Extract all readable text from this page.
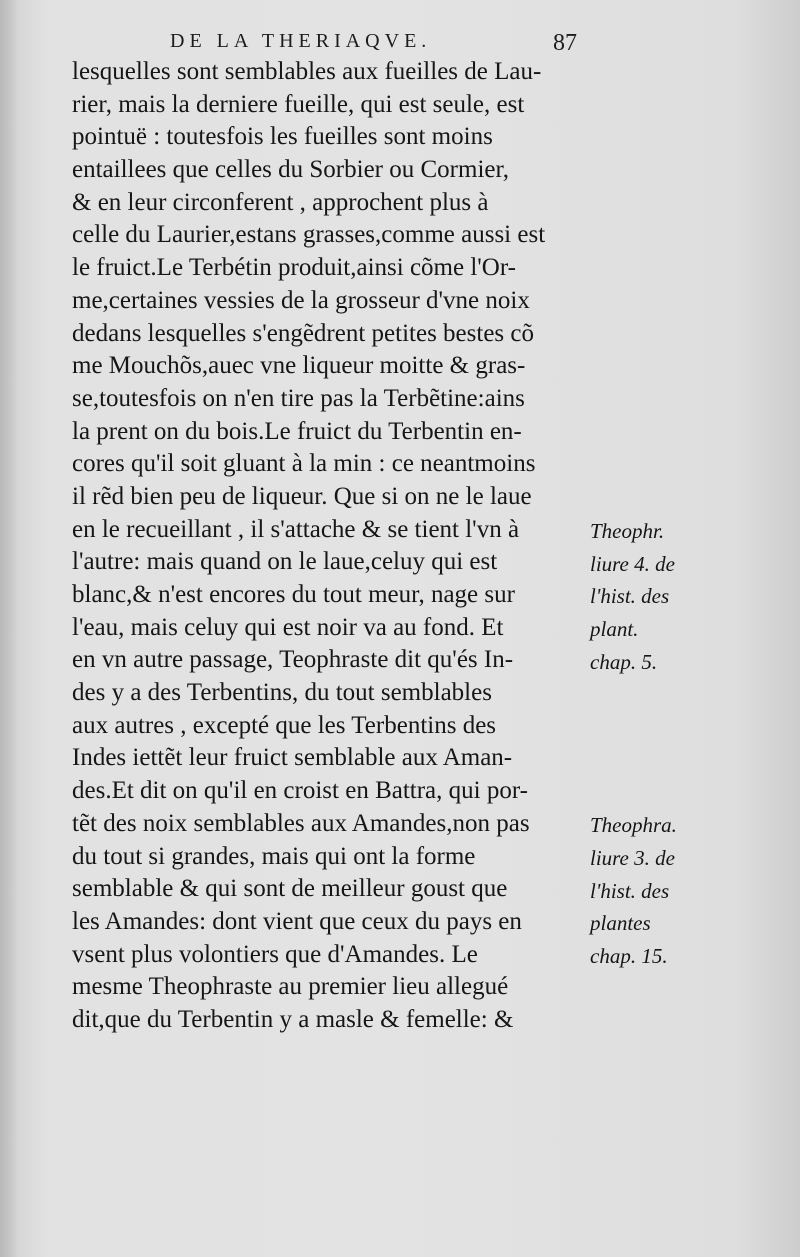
DE LA THERIAQVE.	87
lesquelles sont semblables aux fueilles de Lau-
rier, mais la derniere fueille, qui est seule, est
pointuë : toutesfois les fueilles sont moins
entaillees que celles du Sorbier ou Cormier,
& en leur circonferent , approchent plus à
celle du Laurier,estans grasses,comme aussi est
le fruict.Le Terbétin produit,ainsi cõme l'Or-
me,certaines vessies de la grosseur d'vne noix
dedans lesquelles s'engẽdrent petites bestes cõ
me Mouchõs,auec vne liqueur moitte & gras-
se,toutesfois on n'en tire pas la Terbẽtine:ains
la prent on du bois.Le fruict du Terbentin en-
cores qu'il soit gluant à la min : ce neantmoins
il rẽd bien peu de liqueur. Que si on ne le laue
en le recueillant , il s'attache & se tient l'vn à
l'autre: mais quand on le laue,celuy qui est
blanc,& n'est encores du tout meur, nage sur
l'eau, mais celuy qui est noir va au fond. Et
en vn autre passage, Teophraste dit qu'és In-
des y a des Terbentins, du tout semblables
aux autres , excepté que les Terbentins des
Indes iettẽt leur fruict semblable aux Aman-
des.Et dit on qu'il en croist en Battra, qui por-
tẽt des noix semblables aux Amandes,non pas
du tout si grandes, mais qui ont la forme
semblable & qui sont de meilleur goust que
les Amandes: dont vient que ceux du pays en
vsent plus volontiers que d'Amandes. Le
mesme Theophraste au premier lieu allegué
dit,que du Terbentin y a masle & femelle: &
Theophr.
liure 4. de
l'hist. des
plant.
chap. 5.
Theophra.
liure 3. de
l'hist. des
plantes
chap. 15.
